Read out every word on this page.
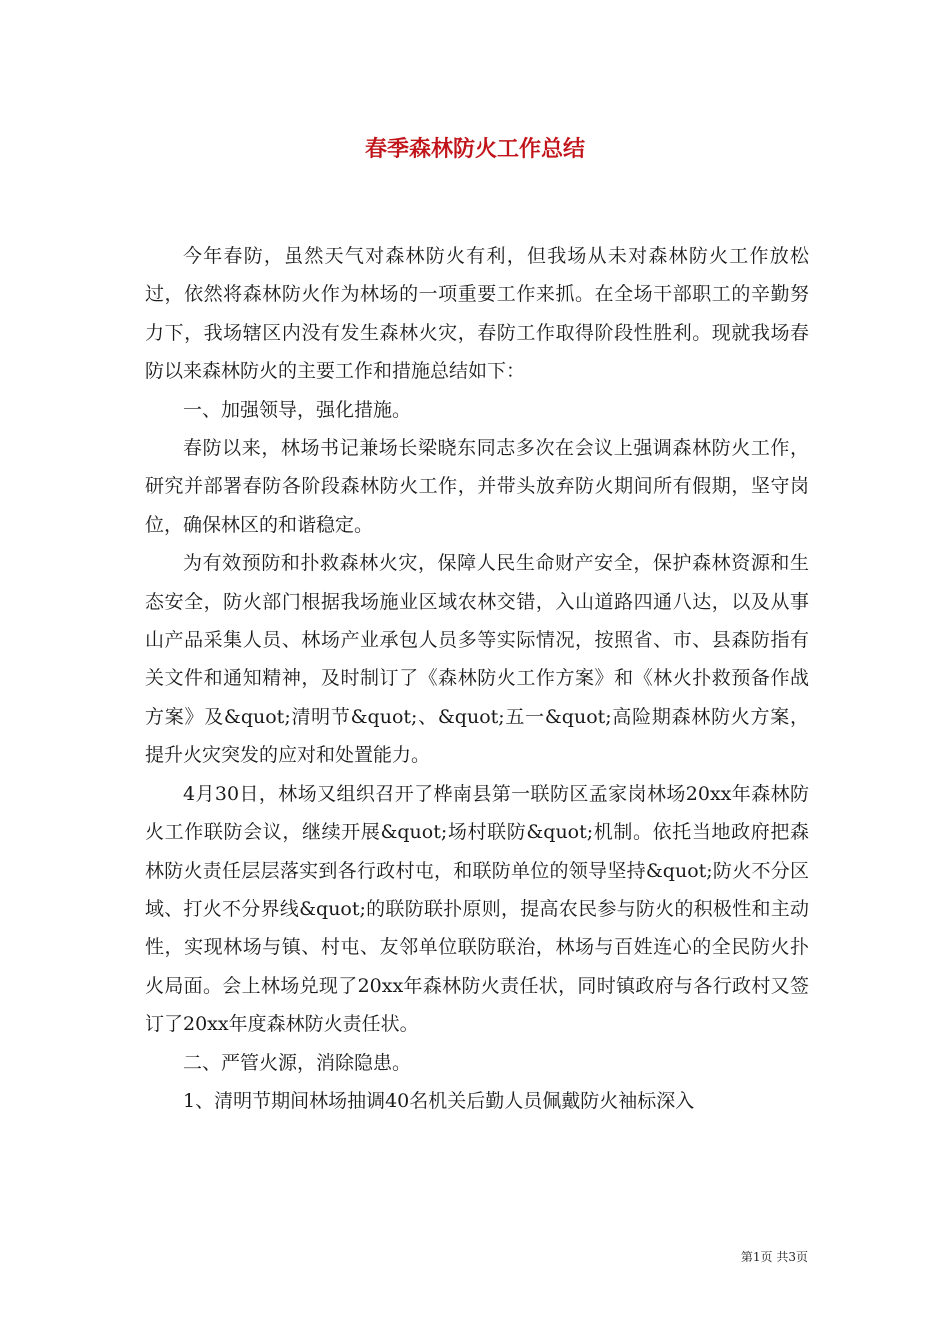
春季森林防火工作总结

今年春防，虽然天气对森林防火有利，但我场从未对森林防火工作放松过，依然将森林防火作为林场的一项重要工作来抓。在全场干部职工的辛勤努力下，我场辖区内没有发生森林火灾，春防工作取得阶段性胜利。现就我场春防以来森林防火的主要工作和措施总结如下：

一、加强领导，强化措施。

春防以来，林场书记兼场长梁晓东同志多次在会议上强调森林防火工作，研究并部署春防各阶段森林防火工作，并带头放弃防火期间所有假期，坚守岗位，确保林区的和谐稳定。

为有效预防和扑救森林火灾，保障人民生命财产安全，保护森林资源和生态安全，防火部门根据我场施业区域农林交错，入山道路四通八达，以及从事山产品采集人员、林场产业承包人员多等实际情况，按照省、市、县森防指有关文件和通知精神，及时制订了《森林防火工作方案》和《林火扑救预备作战方案》及&quot;清明节&quot;、&quot;五一&quot;高险期森林防火方案，提升火灾突发的应对和处置能力。

4月30日，林场又组织召开了桦南县第一联防区孟家岗林场20xx年森林防火工作联防会议，继续开展&quot;场村联防&quot;机制。依托当地政府把森林防火责任层层落实到各行政村屯，和联防单位的领导坚持&quot;防火不分区域、打火不分界线&quot;的联防联扑原则，提高农民参与防火的积极性和主动性，实现林场与镇、村屯、友邻单位联防联治，林场与百姓连心的全民防火扑火局面。会上林场兑现了20xx年森林防火责任状，同时镇政府与各行政村又签订了20xx年度森林防火责任状。

二、严管火源，消除隐患。

1、清明节期间林场抽调40名机关后勤人员佩戴防火袖标深入

第1页 共3页
